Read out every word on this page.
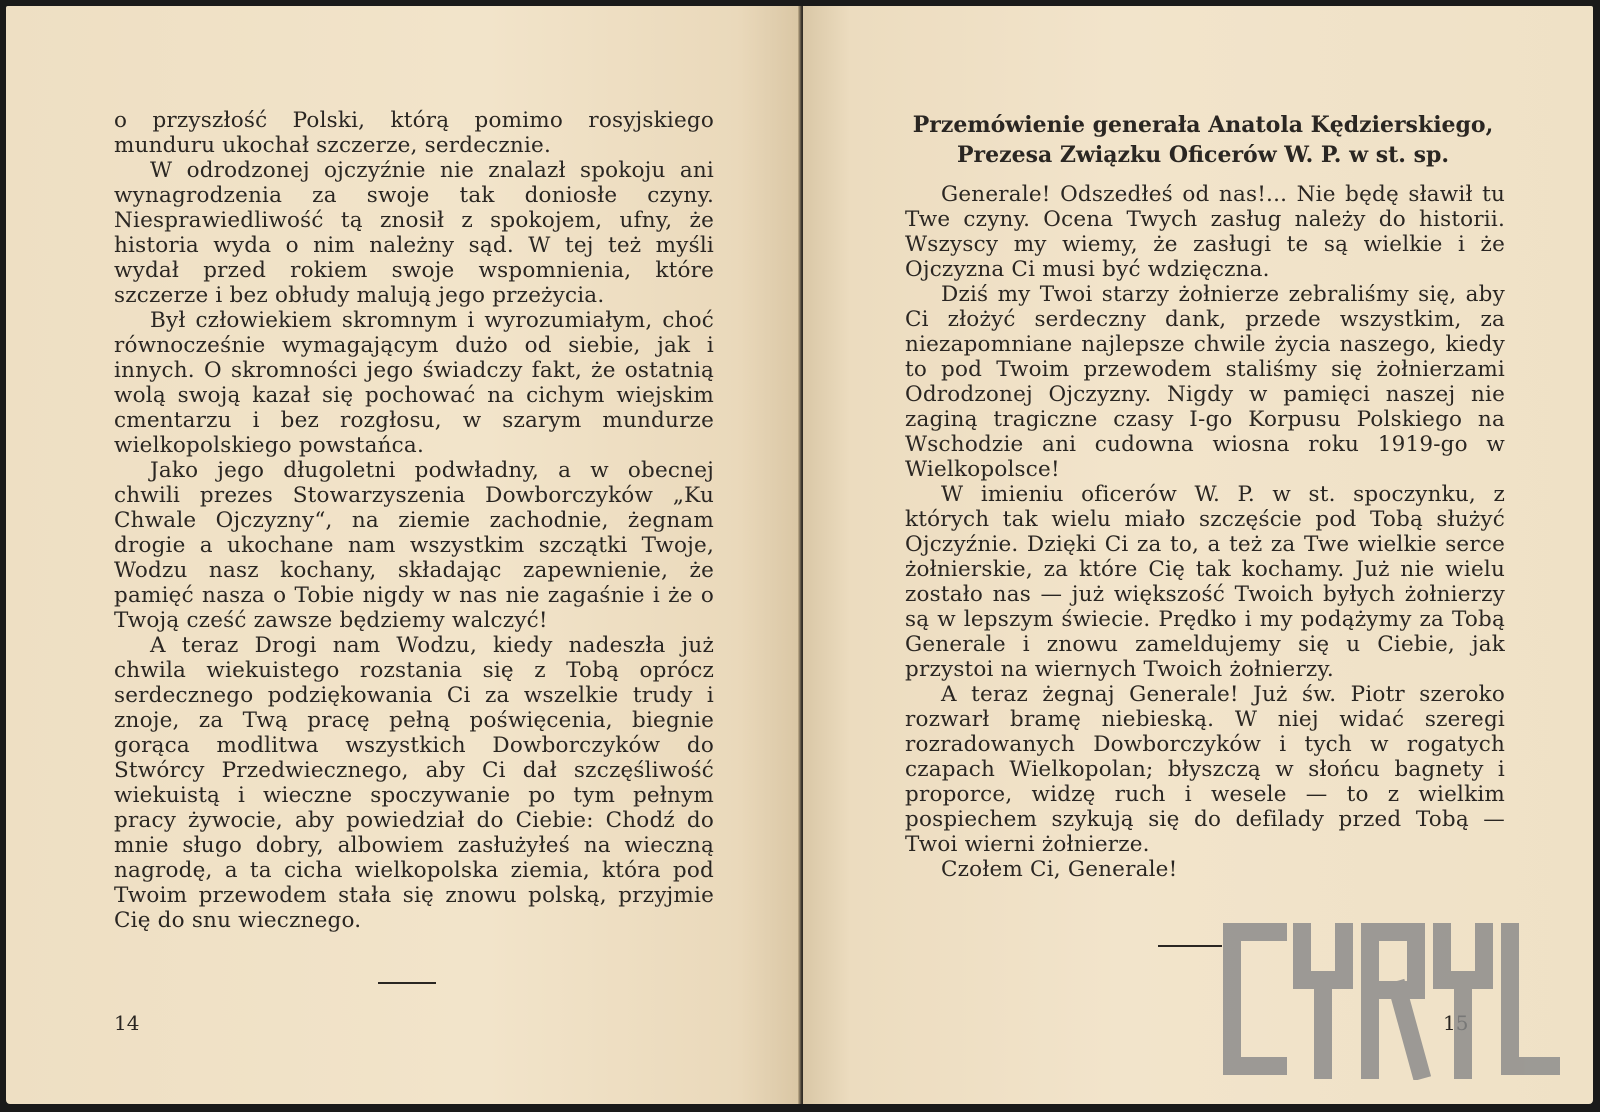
o przyszłość Polski, którą pomimo rosyjskiego munduru ukochał szczerze, serdecznie.

W odrodzonej ojczyźnie nie znalazł spokoju ani wynagrodzenia za swoje tak doniosłe czyny. Niesprawiedliwość tą znosił z spokojem, ufny, że historia wyda o nim należny sąd. W tej też myśli wydał przed rokiem swoje wspomnienia, które szczerze i bez obłudy malują jego przeżycia.

Był człowiekiem skromnym i wyrozumiałym, choć równocześnie wymagającym dużo od siebie, jak i innych. O skromności jego świadczy fakt, że ostatnią wolą swoją kazał się pochować na cichym wiejskim cmentarzu i bez rozgłosu, w szarym mundurze wielkopolskiego powstańca.

Jako jego długoletni podwładny, a w obecnej chwili prezes Stowarzyszenia Dowborczyków „Ku Chwale Ojczyzny“, na ziemie zachodnie, żegnam drogie a ukochane nam wszystkim szczątki Twoje, Wodzu nasz kochany, składając zapewnienie, że pamięć nasza o Tobie nigdy w nas nie zagaśnie i że o Twoją cześć zawsze będziemy walczyć!

A teraz Drogi nam Wodzu, kiedy nadeszła już chwila wiekuistego rozstania się z Tobą oprócz serdecznego podziękowania Ci za wszelkie trudy i znoje, za Twą pracę pełną poświęcenia, biegnie gorąca modlitwa wszystkich Dowborczyków do Stwórcy Przedwiecznego, aby Ci dał szczęśliwość wiekuistą i wieczne spoczywanie po tym pełnym pracy żywocie, aby powiedział do Ciebie: Chodź do mnie sługo dobry, albowiem zasłużyłeś na wieczną nagrodę, a ta cicha wielkopolska ziemia, która pod Twoim przewodem stała się znowu polską, przyjmie Cię do snu wiecznego.

14
Przemówienie generała Anatola Kędzierskiego,
Prezesa Związku Oficerów W. P. w st. sp.

Generale! Odszedłeś od nas!... Nie będę sławił tu Twe czyny. Ocena Twych zasług należy do historii. Wszyscy my wiemy, że zasługi te są wielkie i że Ojczyzna Ci musi być wdzięczna.

Dziś my Twoi starzy żołnierze zebraliśmy się, aby Ci złożyć serdeczny dank, przede wszystkim, za niezapomniane najlepsze chwile życia naszego, kiedy to pod Twoim przewodem staliśmy się żołnierzami Odrodzonej Ojczyzny. Nigdy w pamięci naszej nie zaginą tragiczne czasy I-go Korpusu Polskiego na Wschodzie ani cudowna wiosna roku 1919-go w Wielkopolsce!

W imieniu oficerów W. P. w st. spoczynku, z których tak wielu miało szczęście pod Tobą służyć Ojczyźnie. Dzięki Ci za to, a też za Twe wielkie serce żołnierskie, za które Cię tak kochamy. Już nie wielu zostało nas — już większość Twoich byłych żołnierzy są w lepszym świecie. Prędko i my podążymy za Tobą Generale i znowu zameldujemy się u Ciebie, jak przystoi na wiernych Twoich żołnierzy.

A teraz żegnaj Generale! Już św. Piotr szeroko rozwarł bramę niebieską. W niej widać szeregi rozradowanych Dowborczyków i tych w rogatych czapach Wielkopolan; błyszczą w słońcu bagnety i proporce, widzę ruch i wesele — to z wielkim pospiechem szykują się do defilady przed Tobą — Twoi wierni żołnierze.

Czołem Ci, Generale!

15
